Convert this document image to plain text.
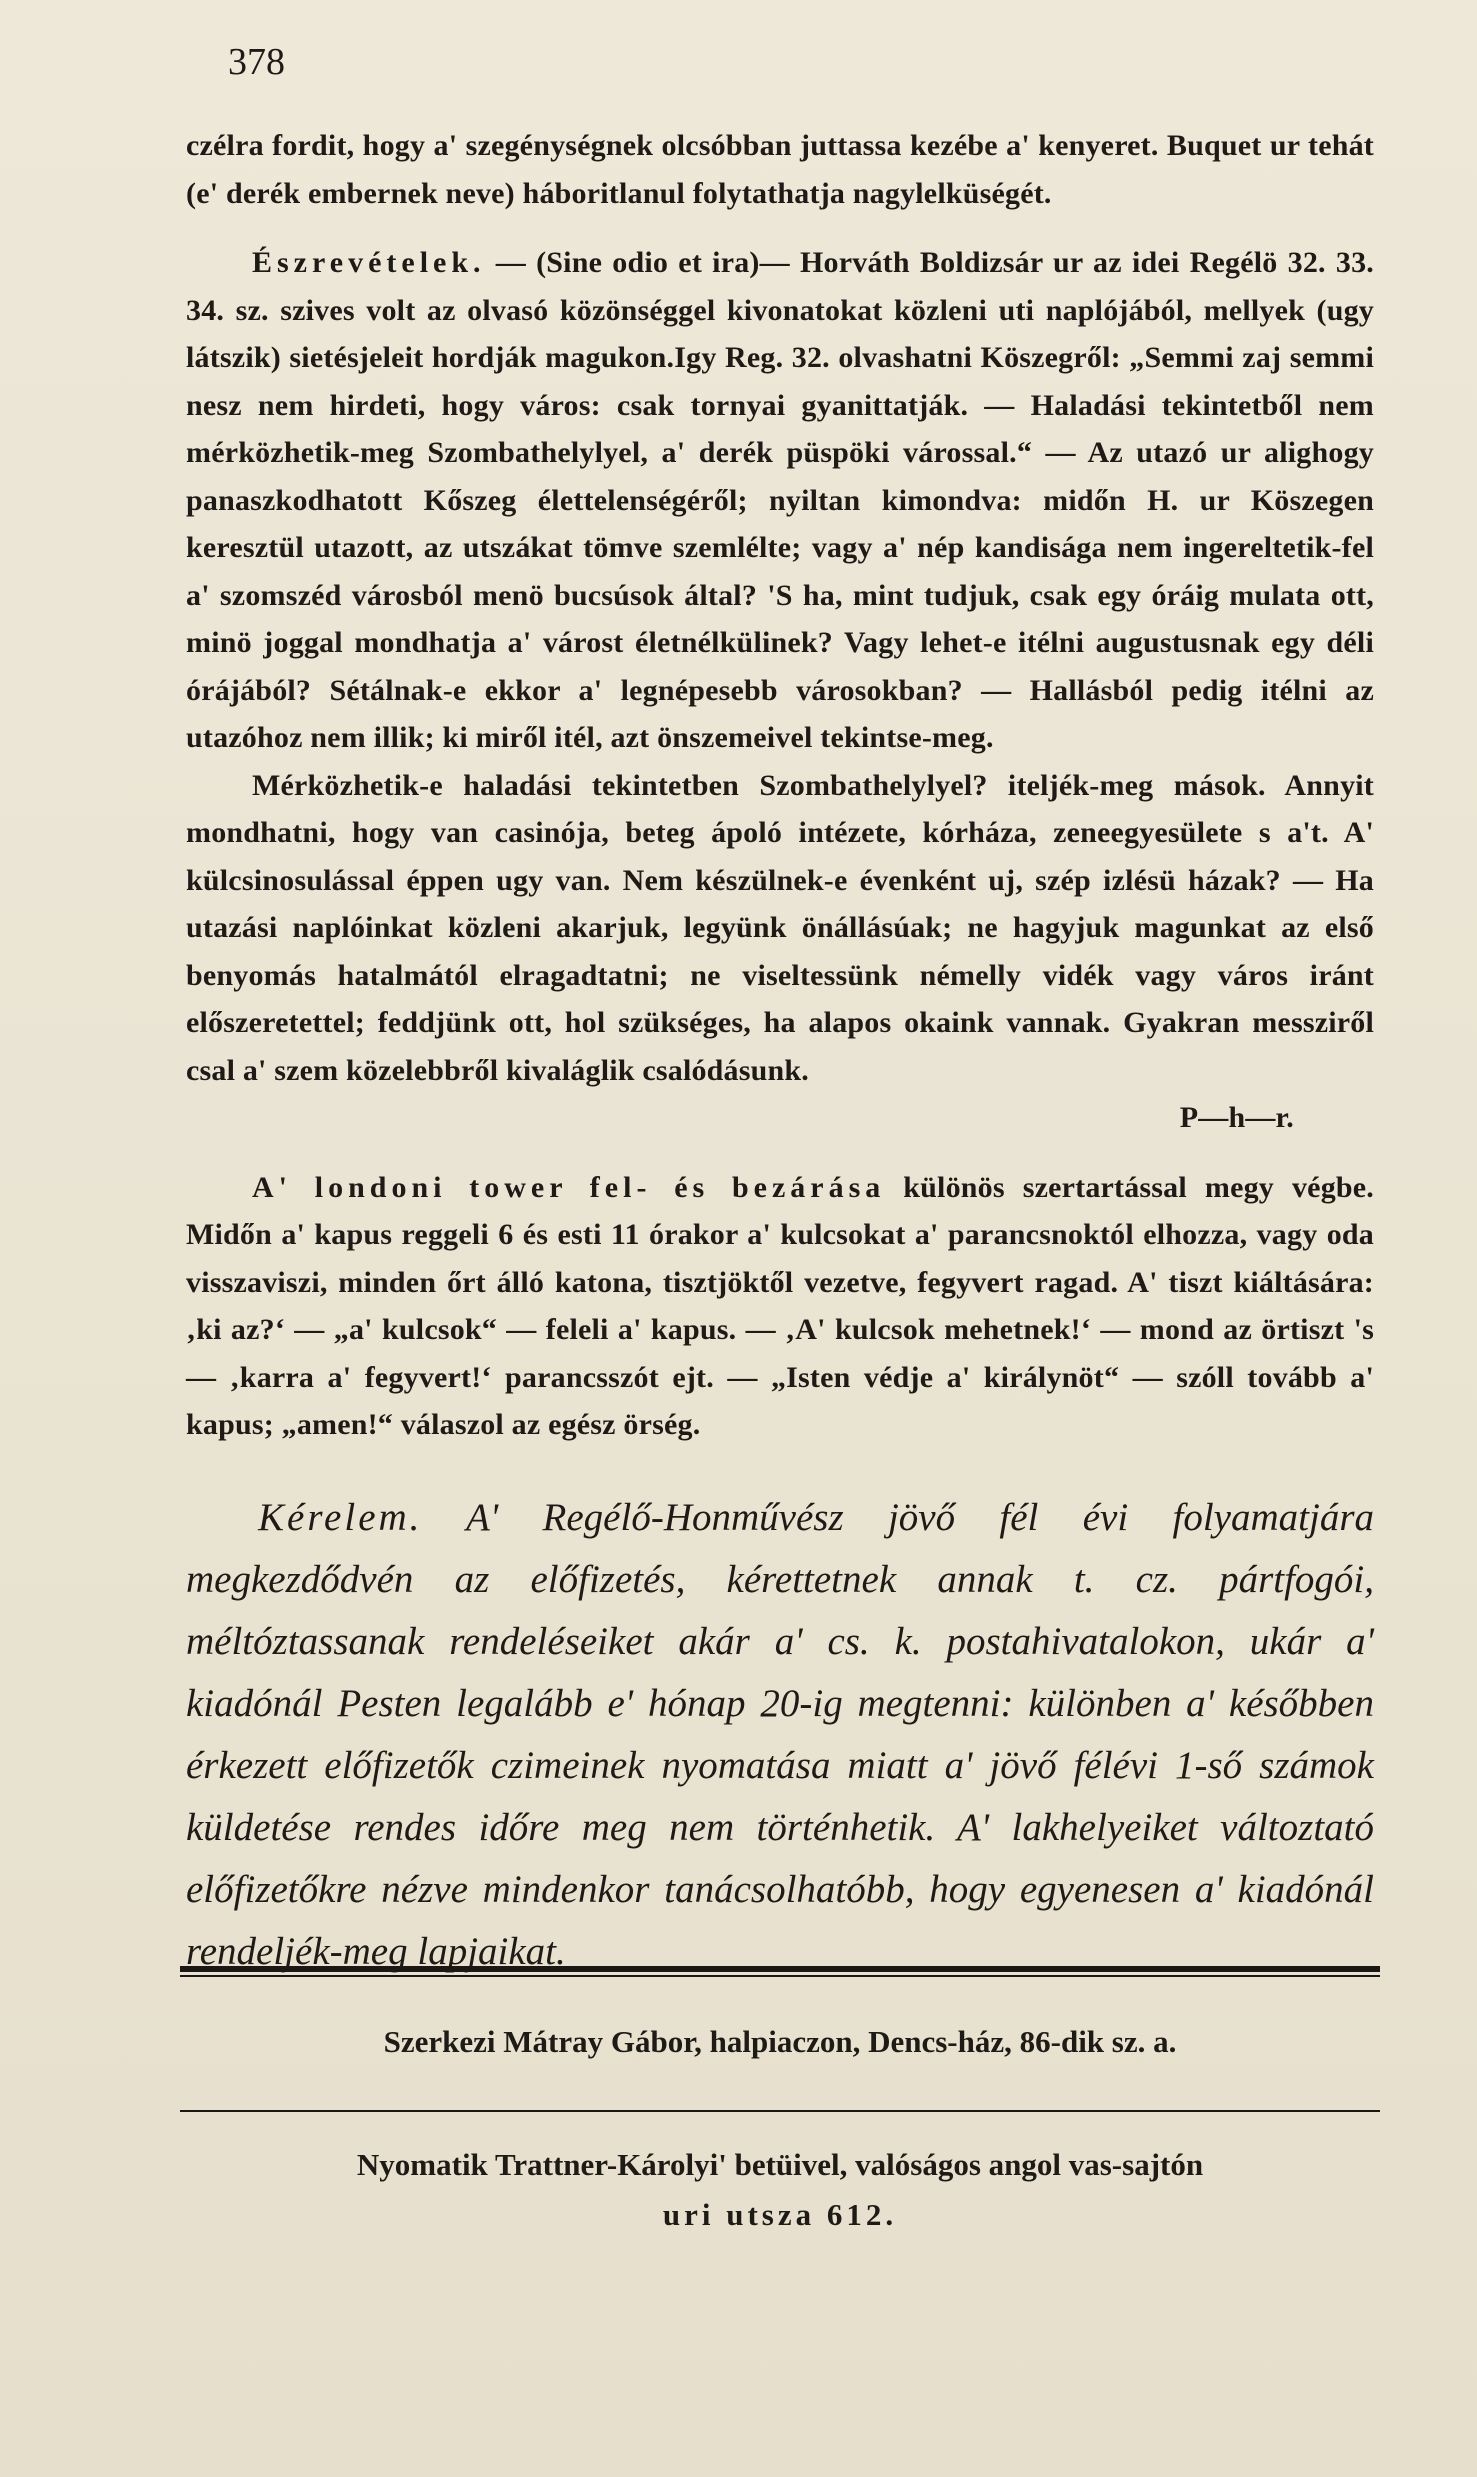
378

czélra fordit, hogy a' szegénységnek olcsóbban juttassa kezébe a' kenyeret. Buquet ur tehát (e' derék embernek neve) háboritlanul folytathatja nagylelküségét.

Észrevételek. — (Sine odio et ira)— Horváth Boldizsár ur az idei Regélö 32. 33. 34. sz. szives volt az olvasó közönséggel kivonatokat közleni uti naplójából, mellyek (ugy látszik) sietésjeleit hordják magukon.Igy Reg. 32. olvashatni Köszegről: „Semmi zaj semmi nesz nem hirdeti, hogy város: csak tornyai gyanittatják. — Haladási tekintetből nem mérközhetik-meg Szombathelylyel, a' derék püspöki várossal.“ — Az utazó ur alighogy panaszkodhatott Kőszeg élettelenségéről; nyiltan kimondva: midőn H. ur Köszegen keresztül utazott, az utszákat tömve szemlélte; vagy a' nép kandisága nem ingereltetik-fel a' szomszéd városból menö bucsúsok által? 'S ha, mint tudjuk, csak egy óráig mulata ott, minö joggal mondhatja a' várost életnélkülinek? Vagy lehet-e itélni augustusnak egy déli órájából? Sétálnak-e ekkor a' legnépesebb városokban? — Hallásból pedig itélni az utazóhoz nem illik; ki miről itél, azt önszemeivel tekintse-meg.

Mérközhetik-e haladási tekintetben Szombathelylyel? iteljék-meg mások. Annyit mondhatni, hogy van casinója, beteg ápoló intézete, kórháza, zeneegyesülete s a't. A' külcsinosulással éppen ugy van. Nem készülnek-e évenként uj, szép izlésü házak? — Ha utazási naplóinkat közleni akarjuk, legyünk önállásúak; ne hagyjuk magunkat az első benyomás hatalmától elragadtatni; ne viseltessünk némelly vidék vagy város iránt előszeretettel; feddjünk ott, hol szükséges, ha alapos okaink vannak. Gyakran messziről csal a' szem közelebbről kivaláglik csalódásunk.
P—h—r.

A' londoni tower fel- és bezárása különös szertartással megy végbe. Midőn a' kapus reggeli 6 és esti 11 órakor a' kulcsokat a' parancsnoktól elhozza, vagy oda visszaviszi, minden őrt álló katona, tisztjöktől vezetve, fegyvert ragad. A' tiszt kiáltására: ‚ki az?‘ — „a' kulcsok“ — feleli a' kapus. — ‚A' kulcsok mehetnek!‘ — mond az örtiszt 's — ‚karra a' fegyvert!‘ parancsszót ejt. — „Isten védje a' királynöt“ — szóll tovább a' kapus; „amen!“ válaszol az egész örség.

Kérelem. A' Regélő-Honművész jövő fél évi folyamatjára megkezdődvén az előfizetés, kérettetnek annak t. cz. pártfogói, méltóztassanak rendeléseiket akár a' cs. k. postahivatalokon, ukár a' kiadónál Pesten legalább e' hónap 20-ig megtenni: különben a' későbben érkezett előfizetők czimeinek nyomatása miatt a' jövő félévi 1-ső számok küldetése rendes időre meg nem történhetik. A' lakhelyeiket változtató előfizetőkre nézve mindenkor tanácsolhatóbb, hogy egyenesen a' kiadónál rendeljék-meg lapjaikat.

Szerkezi Mátray Gábor, halpiaczon, Dencs-ház, 86-dik sz. a.
Nyomatik Trattner-Károlyi' betüivel, valóságos angol vas-sajtón
uri utsza 612.
